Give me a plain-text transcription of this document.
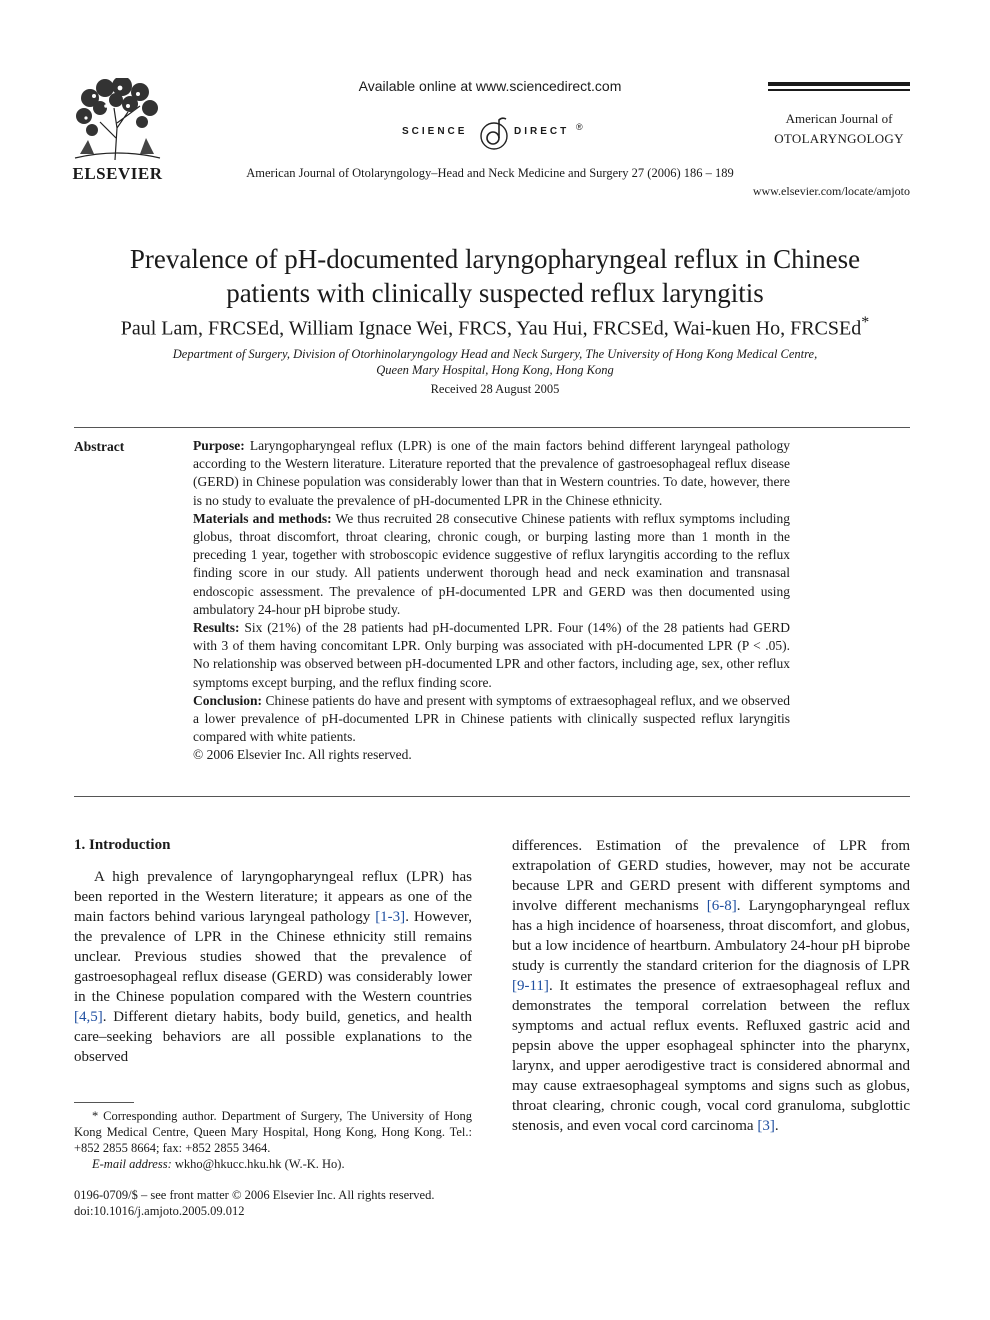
ELSEVIER
Available online at www.sciencedirect.com
SCIENCE	DIRECT ®
American Journal of Otolaryngology–Head and Neck Medicine and Surgery 27 (2006) 186 – 189
American Journal of
OTOLARYNGOLOGY
www.elsevier.com/locate/amjoto
Prevalence of pH-documented laryngopharyngeal reflux in Chinese
patients with clinically suspected reflux laryngitis
Paul Lam, FRCSEd, William Ignace Wei, FRCS, Yau Hui, FRCSEd, Wai-kuen Ho, FRCSEd*
Department of Surgery, Division of Otorhinolaryngology Head and Neck Surgery, The University of Hong Kong Medical Centre,
Queen Mary Hospital, Hong Kong, Hong Kong
Received 28 August 2005
Abstract	Purpose: Laryngopharyngeal reflux (LPR) is one of the main factors behind different laryngeal pathology according to the Western literature. Literature reported that the prevalence of gastroesophageal reflux disease (GERD) in Chinese population was considerably lower than that in Western countries. To date, however, there is no study to evaluate the prevalence of pH-documented LPR in the Chinese ethnicity.

Materials and methods: We thus recruited 28 consecutive Chinese patients with reflux symptoms including globus, throat discomfort, throat clearing, chronic cough, or burping lasting more than 1 month in the preceding 1 year, together with stroboscopic evidence suggestive of reflux laryngitis according to the reflux finding score in our study. All patients underwent thorough head and neck examination and transnasal endoscopic assessment. The prevalence of pH-documented LPR and GERD was then documented using ambulatory 24-hour pH biprobe study.

Results: Six (21%) of the 28 patients had pH-documented LPR. Four (14%) of the 28 patients had GERD with 3 of them having concomitant LPR. Only burping was associated with pH-documented LPR (P < .05). No relationship was observed between pH-documented LPR and other factors, including age, sex, other reflux symptoms except burping, and the reflux finding score.

Conclusion: Chinese patients do have and present with symptoms of extraesophageal reflux, and we observed a lower prevalence of pH-documented LPR in Chinese patients with clinically suspected reflux laryngitis compared with white patients.

© 2006 Elsevier Inc. All rights reserved.

1. Introduction

A high prevalence of laryngopharyngeal reflux (LPR) has been reported in the Western literature; it appears as one of the main factors behind various laryngeal pathology [1-3]. However, the prevalence of LPR in the Chinese ethnicity still remains unclear. Previous studies showed that the prevalence of gastroesophageal reflux disease (GERD) was considerably lower in the Chinese population compared with the Western countries [4,5]. Different dietary habits, body build, genetics, and health care–seeking behaviors are all possible explanations to the observed

differences. Estimation of the prevalence of LPR from extrapolation of GERD studies, however, may not be accurate because LPR and GERD present with different symptoms and involve different mechanisms [6-8]. Laryngopharyngeal reflux has a high incidence of hoarseness, throat discomfort, and globus, but a low incidence of heartburn. Ambulatory 24-hour pH biprobe study is currently the standard criterion for the diagnosis of LPR [9-11]. It estimates the presence of extraesophageal reflux and demonstrates the temporal correlation between the reflux symptoms and actual reflux events. Refluxed gastric acid and pepsin above the upper esophageal sphincter into the pharynx, larynx, and upper aerodigestive tract is considered abnormal and may cause extraesophageal symptoms and signs such as globus, throat clearing, chronic cough, vocal cord granuloma, subglottic stenosis, and even vocal cord carcinoma [3].

* Corresponding author. Department of Surgery, The University of Hong Kong Medical Centre, Queen Mary Hospital, Hong Kong, Hong Kong. Tel.: +852 2855 8664; fax: +852 2855 3464.

E-mail address: wkho@hkucc.hku.hk (W.-K. Ho).

0196-0709/$ – see front matter © 2006 Elsevier Inc. All rights reserved.
doi:10.1016/j.amjoto.2005.09.012
